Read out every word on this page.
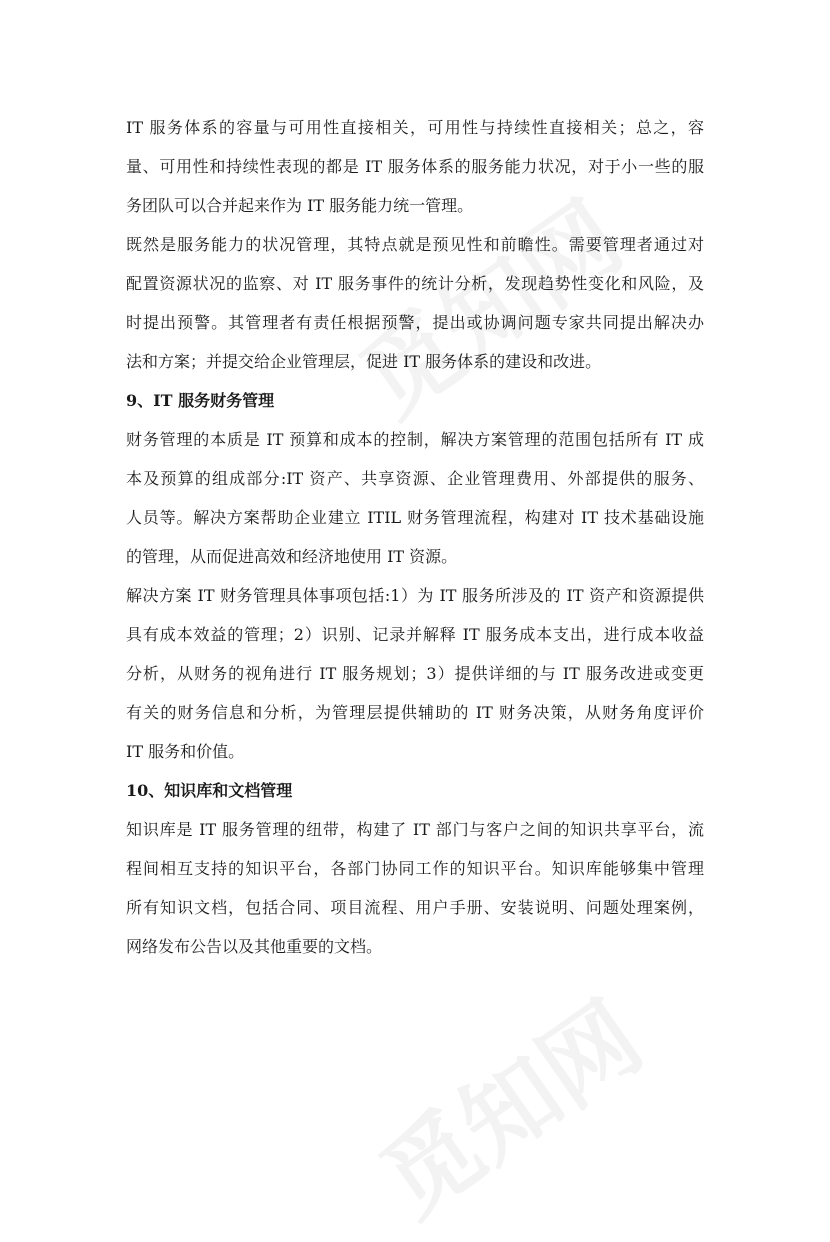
IT 服务体系的容量与可用性直接相关，可用性与持续性直接相关；总之，容
量、可用性和持续性表现的都是 IT 服务体系的服务能力状况，对于小一些的服
务团队可以合并起来作为 IT 服务能力统一管理。
既然是服务能力的状况管理，其特点就是预见性和前瞻性。需要管理者通过对
配置资源状况的监察、对 IT 服务事件的统计分析，发现趋势性变化和风险，及
时提出预警。其管理者有责任根据预警，提出或协调问题专家共同提出解决办
法和方案；并提交给企业管理层，促进 IT 服务体系的建设和改进。
9、IT 服务财务管理
财务管理的本质是 IT 预算和成本的控制，解决方案管理的范围包括所有 IT 成
本及预算的组成部分:IT 资产、共享资源、企业管理费用、外部提供的服务、
人员等。解决方案帮助企业建立 ITIL 财务管理流程，构建对 IT 技术基础设施
的管理，从而促进高效和经济地使用 IT 资源。
解决方案 IT 财务管理具体事项包括:1）为 IT 服务所涉及的 IT 资产和资源提供
具有成本效益的管理；2）识别、记录并解释 IT 服务成本支出，进行成本收益
分析，从财务的视角进行 IT 服务规划；3）提供详细的与 IT 服务改进或变更
有关的财务信息和分析，为管理层提供辅助的 IT 财务决策，从财务角度评价
IT 服务和价值。
10、知识库和文档管理
知识库是 IT 服务管理的纽带，构建了 IT 部门与客户之间的知识共享平台，流
程间相互支持的知识平台，各部门协同工作的知识平台。知识库能够集中管理
所有知识文档，包括合同、项目流程、用户手册、安装说明、问题处理案例，
网络发布公告以及其他重要的文档。
